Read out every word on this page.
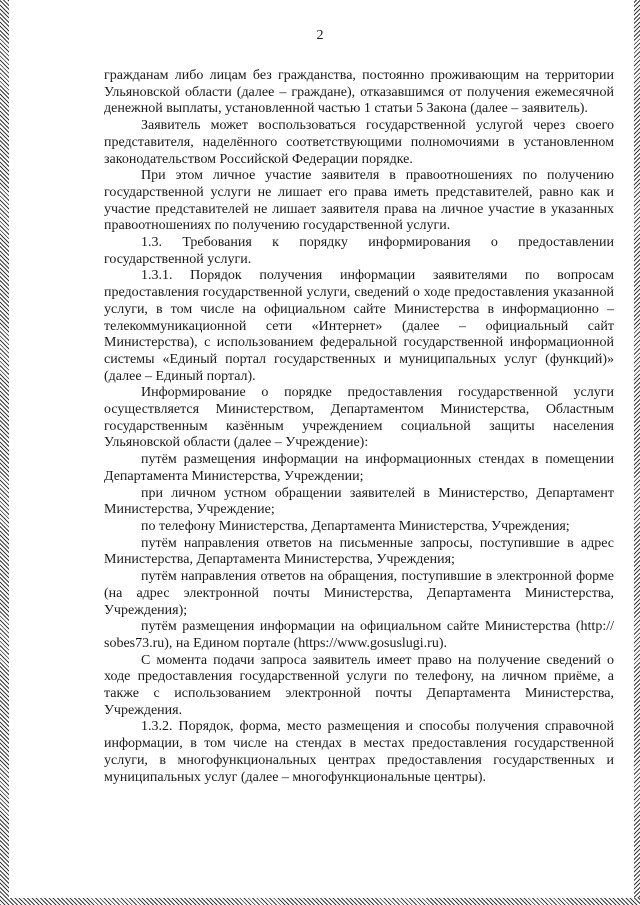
2

гражданам либо лицам без гражданства, постоянно проживающим на территории Ульяновской области (далее – граждане), отказавшимся от получения ежемесячной денежной выплаты, установленной частью 1 статьи 5 Закона (далее – заявитель).

Заявитель может воспользоваться государственной услугой через своего представителя, наделённого соответствующими полномочиями в установленном законодательством Российской Федерации порядке.

При этом личное участие заявителя в правоотношениях по получению государственной услуги не лишает его права иметь представителей, равно как и участие представителей не лишает заявителя права на личное участие в указанных правоотношениях по получению государственной услуги.

1.3. Требования к порядку информирования о предоставлении государственной услуги.

1.3.1. Порядок получения информации заявителями по вопросам предоставления государственной услуги, сведений о ходе предоставления указанной услуги, в том числе на официальном сайте Министерства в информационно – телекоммуникационной сети «Интернет» (далее – официальный сайт Министерства), с использованием федеральной государственной информационной системы «Единый портал государственных и муниципальных услуг (функций)» (далее – Единый портал).

Информирование о порядке предоставления государственной услуги осуществляется Министерством, Департаментом Министерства, Областным государственным казённым учреждением социальной защиты населения Ульяновской области (далее – Учреждение):

путём размещения информации на информационных стендах в помещении Департамента Министерства, Учреждении;

при личном устном обращении заявителей в Министерство, Департамент Министерства, Учреждение;

по телефону Министерства, Департамента Министерства, Учреждения;

путём направления ответов на письменные запросы, поступившие в адрес Министерства, Департамента Министерства, Учреждения;

путём направления ответов на обращения, поступившие в электронной форме (на адрес электронной почты Министерства, Департамента Министерства, Учреждения);

путём размещения информации на официальном сайте Министерства (http:// sobes73.ru), на Едином портале (https://www.gosuslugi.ru).

С момента подачи запроса заявитель имеет право на получение сведений о ходе предоставления государственной услуги по телефону, на личном приёме, а также с использованием электронной почты Департамента Министерства, Учреждения.

1.3.2. Порядок, форма, место размещения и способы получения справочной информации, в том числе на стендах в местах предоставления государственной услуги, в многофункциональных центрах предоставления государственных и муниципальных услуг (далее – многофункциональные центры).
